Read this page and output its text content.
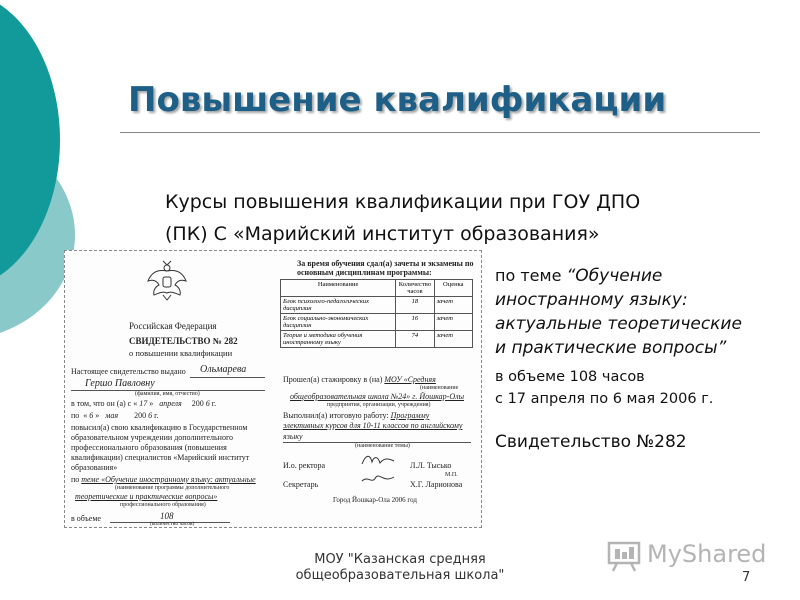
Повышение квалификации
Курсы повышения квалификации при ГОУ ДПО
(ПК) С «Марийский институт образования»
Российская Федерация
СВИДЕТЕЛЬСТВО № 282
о повышении квалификации
Настоящее свидетельство выдано Ольмарева
Гершо Павловну
(фамилия, имя, отчество)
в том, что он (а) с « 17 »   апреля 200 6 г.
по  « 6 »   мая 200 6 г.
повысил(а) свою квалификацию в Государственном
образовательном учреждении дополнительного
профессионального образования (повышения
квалификации) специалистов «Марийский институт
образования»
по теме «Обучение иностранному языку: актуальные
(наименование программы дополнительного
теоретические и практические вопросы»
профессионального образования)
в объеме	108
(количество часов)
За время обучения сдал(а) зачеты и экзамены по
основным дисциплинам программы:
Наименование	Количество часов	Оценка
Блок психолого-педагогических дисциплин	18	зачет
Блок социально-экономических дисциплин	16	зачет
Теория и методика обучения иностранному языку	74	зачет
Прошел(а) стажировку в (на) МОУ «Средняя
(наименование
общеобразовательная школа №24» г. Йошкар-Олы
предприятия, организации, учреждения)
Выполнил(а) итоговую работу: Программу
элективных курсов для 10-11 классов по английскому
языку
(наименование темы)
И.о. ректора	Л.Л. Тысько
М.П.
Секретарь	Х.Г. Ларионова
Город Йошкар-Ола 2006 год
по теме “Обучение
иностранному языку:
актуальные теоретические
и практические вопросы”
в объеме 108 часов
с 17 апреля по 6 мая 2006 г.
Свидетельство №282
МОУ "Казанская средняя
общеобразовательная школа"	7
MyShared
